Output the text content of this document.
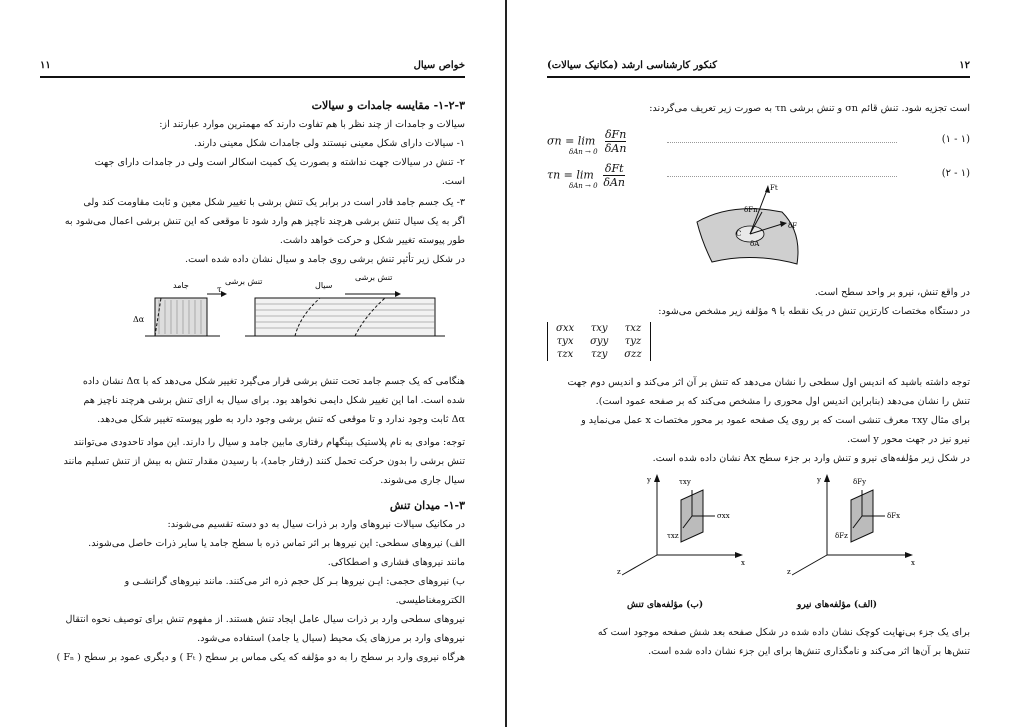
۱۱	خواص سیال
۱-۲-۳- مقایسه جامدات و سیالات
سیالات و جامدات از چند نظر با هم تفاوت دارند که مهمترین موارد عبارتند از:
۱- سیالات دارای شکل معینی نیستند ولی جامدات شکل معینی دارند.
۲- تنش در سیالات جهت نداشته و بصورت یک کمیت اسکالر است ولی در جامدات دارای جهت
است.
۳- یک جسم جامد قادر است در برابر یک تنش برشی با تغییر شکل معین و ثابت مقاومت کند ولی
اگر به یک سیال تنش برشی هرچند ناچیز هم وارد شود تا موقعی که این تنش برشی اعمال می‌شود به
طور پیوسته تغییر شکل و حرکت خواهد داشت.
در شکل زیر تأثیر تنش برشی روی جامد و سیال نشان داده شده است.
جامد	تنش برشی
τ	سیال
تنش برشی
Δα
هنگامی که یک جسم جامد تحت تنش برشی قرار می‌گیرد تغییر شکل می‌دهد که با Δα نشان داده
شده است. اما این تغییر شکل دایمی نخواهد بود. برای سیال به ازای تنش برشی هرچند ناچیز هم
Δα ثابت وجود ندارد و تا موقعی که تنش برشی وجود دارد به طور پیوسته تغییر شکل می‌دهد.
توجه: موادی به نام پلاستیک بینگهام رفتاری مابین جامد و سیال را دارند. این مواد تاحدودی می‌توانند
تنش برشی را بدون حرکت تحمل کنند (رفتار جامد)، با رسیدن مقدار تنش به بیش از تنش تسلیم مانند
سیال جاری می‌شوند.
۱-۳- میدان تنش
در مکانیک سیالات نیروهای وارد بر ذرات سیال به دو دسته تقسیم می‌شوند:
الف) نیروهای سطحی: این نیروها بر اثر تماس ذره با سطح جامد یا سایر ذرات حاصل می‌شوند.
مانند نیروهای فشاری و اصطکاکی.
ب) نیروهای حجمی: ایـن نیروها بـر کل حجم ذره اثر می‌کنند. مانند نیروهای گرانشـی و
الکترومغناطیسی.
نیروهای سطحی وارد بر ذرات سیال عامل ایجاد تنش هستند. از مفهوم تنش برای توصیف نحوه انتقال
نیروهای وارد بر مرزهای یک محیط (سیال یا جامد) استفاده می‌شود.
هرگاه نیروی وارد بر سطح را به دو مؤلفه که یکی مماس بر سطح ( Fₜ ) و دیگری عمود بر سطح ( Fₙ )
کنکور کارشناسی ارشد (مکانیک سیالات)	۱۲
است تجزیه شود. تنش قائم σn و تنش برشی τn به صورت زیر تعریف می‌گردند:
σn = lim δFn
δAn
δAn → 0
(۱ - ۱)
τn = lim δFt
δAn
δAn → 0
(۲ - ۱)
Ft
δFn
δF
C
δA
در واقع تنش، نیرو بر واحد سطح است.
در دستگاه مختصات کارتزین تنش در یک نقطه با ۹ مؤلفه زیر مشخص می‌شود:
σxx	τxy	τxz
τyx	σyy	τyz
τzx	τzy	σzz
توجه داشته باشید که اندیس اول سطحی را نشان می‌دهد که تنش بر آن اثر می‌کند و اندیس دوم جهت
تنش را نشان می‌دهد (بنابراین اندیس اول محوری را مشخص می‌کند که بر صفحه عمود است).
برای مثال τxy معرف تنشی است که بر روی یک صفحه عمود بر محور مختصات x عمل می‌نماید و
نیرو نیز در جهت محور y است.
در شکل زیر مؤلفه‌های نیرو و تنش وارد بر جزء سطح Ax نشان داده شده است.
y
x
z
τxy
σxx
τxz
(ب) مؤلفه‌های تنش
y
x
z
δFy
δFx
δFz
(الف) مؤلفه‌های نیرو
برای یک جزء بی‌نهایت کوچک نشان داده شده در شکل صفحه بعد شش صفحه موجود است که
تنش‌ها بر آن‌ها اثر می‌کند و نامگذاری تنش‌ها برای این جزء نشان داده شده است.
